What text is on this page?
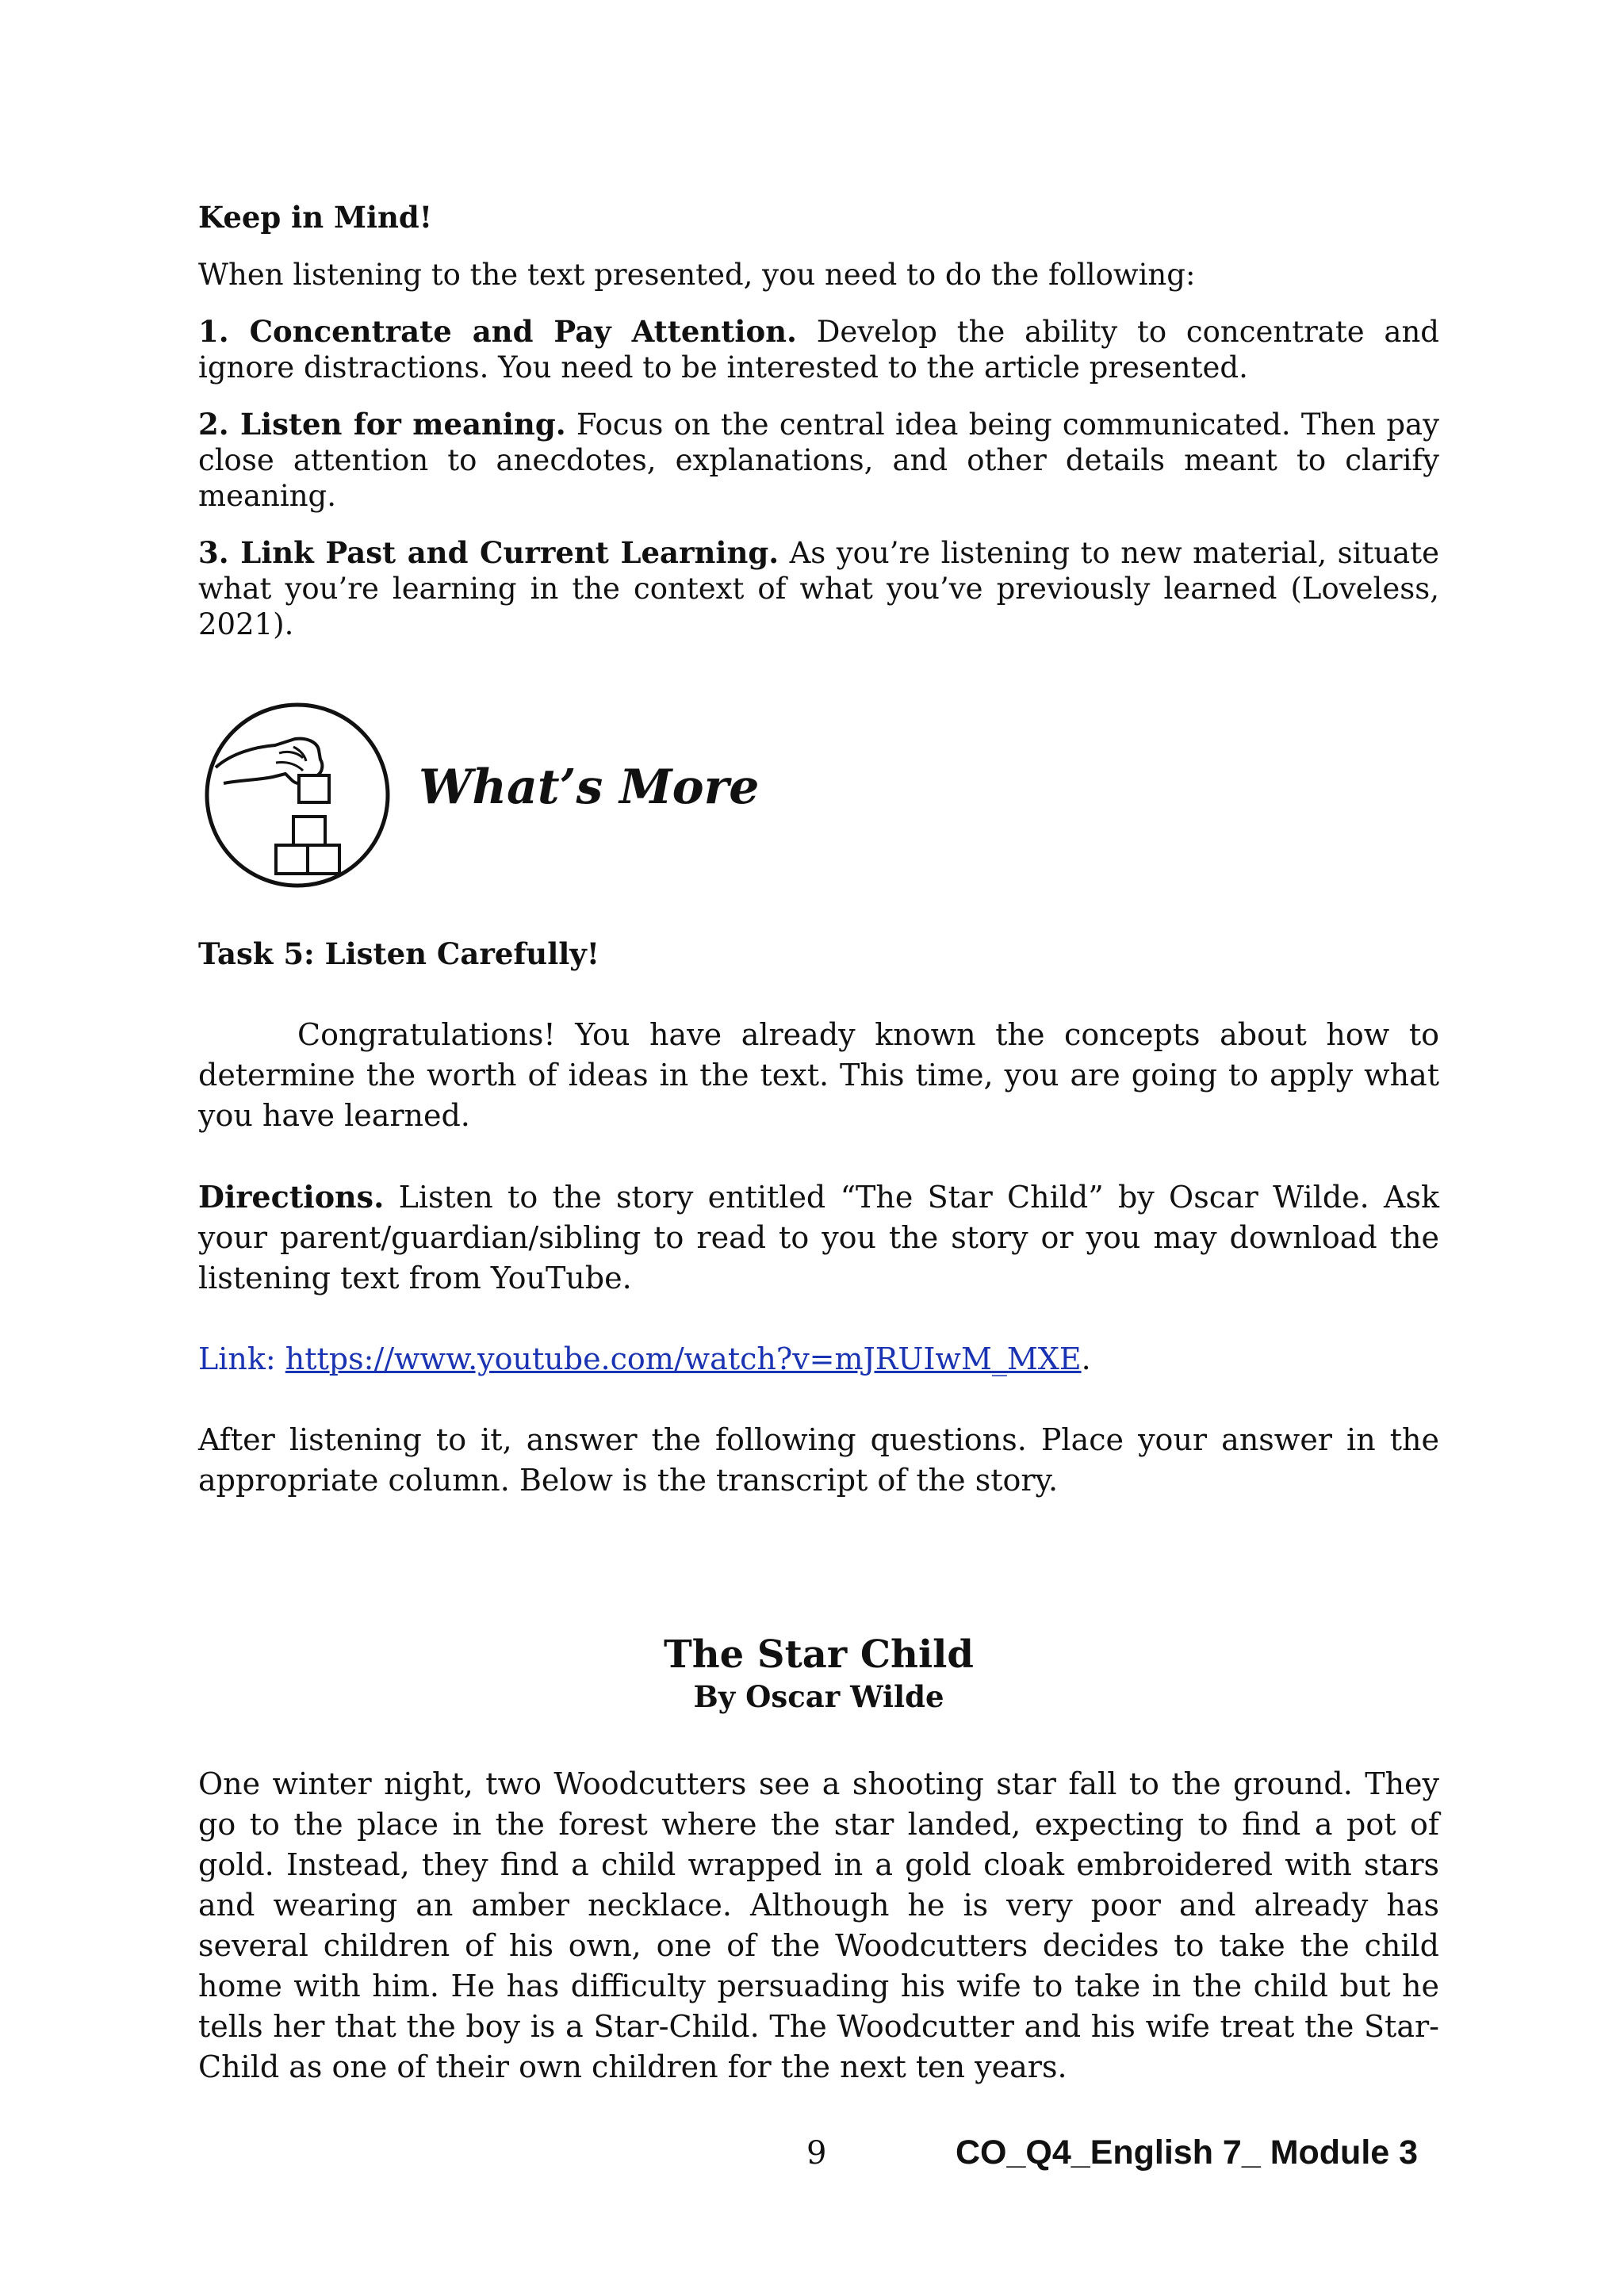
Keep in Mind!

When listening to the text presented, you need to do the following:

1. Concentrate and Pay Attention. Develop the ability to concentrate and ignore distractions. You need to be interested to the article presented.

2. Listen for meaning. Focus on the central idea being communicated. Then pay close attention to anecdotes, explanations, and other details meant to clarify meaning.

3. Link Past and Current Learning. As you’re listening to new material, situate what you’re learning in the context of what you’ve previously learned (Loveless, 2021).

What’s More

Task 5: Listen Carefully!

Congratulations! You have already known the concepts about how to determine the worth of ideas in the text. This time, you are going to apply what you have learned.

Directions. Listen to the story entitled “The Star Child” by Oscar Wilde. Ask your parent/guardian/sibling to read to you the story or you may download the listening text from YouTube.

Link: https://www.youtube.com/watch?v=mJRUIwM_MXE.

After listening to it, answer the following questions. Place your answer in the appropriate column. Below is the transcript of the story.

The Star Child

By Oscar Wilde

One winter night, two Woodcutters see a shooting star fall to the ground. They go to the place in the forest where the star landed, expecting to find a pot of gold. Instead, they find a child wrapped in a gold cloak embroidered with stars and wearing an amber necklace. Although he is very poor and already has several children of his own, one of the Woodcutters decides to take the child home with him. He has difficulty persuading his wife to take in the child but he tells her that the boy is a Star-Child. The Woodcutter and his wife treat the Star-Child as one of their own children for the next ten years.

9	CO_Q4_English 7_ Module 3
